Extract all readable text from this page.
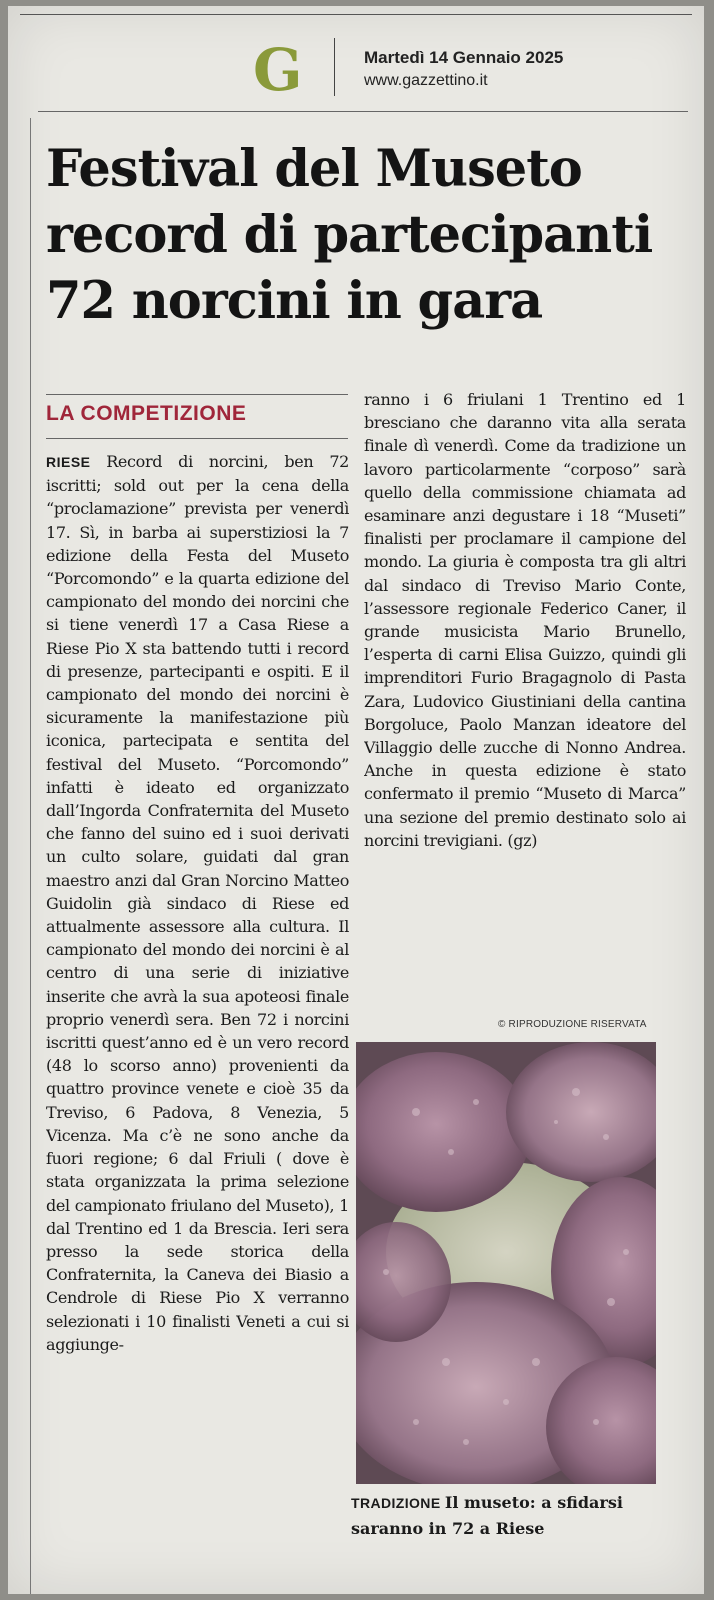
G	Martedì 14 Gennaio 2025
www.gazzettino.it
Festival del Museto
record di partecipanti
72 norcini in gara
LA COMPETIZIONE
RIESE Record di norcini, ben 72 iscritti; sold out per la cena della “proclamazione” prevista per venerdì 17. Sì, in barba ai superstiziosi la 7 edizione della Festa del Museto “Porcomondo” e la quarta edizione del campionato del mondo dei norcini che si tiene venerdì 17 a Casa Riese a Riese Pio X sta battendo tutti i record di presenze, partecipanti e ospiti. E il campionato del mondo dei norcini è sicuramente la manifestazione più iconica, partecipata e sentita del festival del Museto. “Porcomondo” infatti è ideato ed organizzato dall’Ingorda Confraternita del Museto che fanno del suino ed i suoi derivati un culto solare, guidati dal gran maestro anzi dal Gran Norcino Matteo Guidolin già sindaco di Riese ed attualmente assessore alla cultura. Il campionato del mondo dei norcini è al centro di una serie di iniziative inserite che avrà la sua apoteosi finale proprio venerdì sera. Ben 72 i norcini iscritti quest’anno ed è un vero record (48 lo scorso anno) provenienti da quattro province venete e cioè 35 da Treviso, 6 Padova, 8 Venezia, 5 Vicenza. Ma c’è ne sono anche da fuori regione; 6 dal Friuli ( dove è stata organizzata la prima selezione del campionato friulano del Museto), 1 dal Trentino ed 1 da Brescia. Ieri sera presso la sede storica della Confraternita, la Caneva dei Biasio a Cendrole di Riese Pio X verranno selezionati i 10 finalisti Veneti a cui si aggiunge-
ranno i 6 friulani 1 Trentino ed 1 bresciano che daranno vita alla serata finale dì venerdì. Come da tradizione un lavoro particolarmente “corposo” sarà quello della commissione chiamata ad esaminare anzi degustare i 18 “Museti” finalisti per proclamare il campione del mondo. La giuria è composta tra gli altri dal sindaco di Treviso Mario Conte, l’assessore regionale Federico Caner, il grande musicista Mario Brunello, l’esperta di carni Elisa Guizzo, quindi gli imprenditori Furio Bragagnolo di Pasta Zara, Ludovico Giustiniani della cantina Borgoluce, Paolo Manzan ideatore del Villaggio delle zucche di Nonno Andrea. Anche in questa edizione è stato confermato il premio “Museto di Marca” una sezione del premio destinato solo ai norcini trevigiani. (gz)
© RIPRODUZIONE RISERVATA
TRADIZIONE Il museto: a sfidarsi saranno in 72 a Riese
